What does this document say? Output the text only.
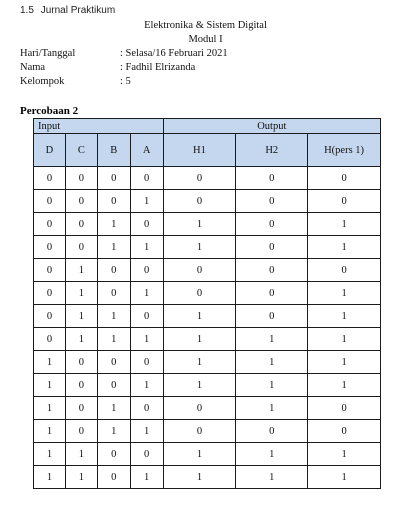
1.5 Jurnal Praktikum
Elektronika & Sistem Digital
Modul I
Hari/Tanggal	: Selasa/16 Februari 2021
Nama	: Fadhil Elrizanda
Kelompok	: 5
Percobaan 2
Input				Output		
D	C	B	A	H1	H2	H(pers 1)
0	0	0	0	0	0	0
0	0	0	1	0	0	0
0	0	1	0	1	0	1
0	0	1	1	1	0	1
0	1	0	0	0	0	0
0	1	0	1	0	0	1
0	1	1	0	1	0	1
0	1	1	1	1	1	1
1	0	0	0	1	1	1
1	0	0	1	1	1	1
1	0	1	0	0	1	0
1	0	1	1	0	0	0
1	1	0	0	1	1	1
1	1	0	1	1	1	1
